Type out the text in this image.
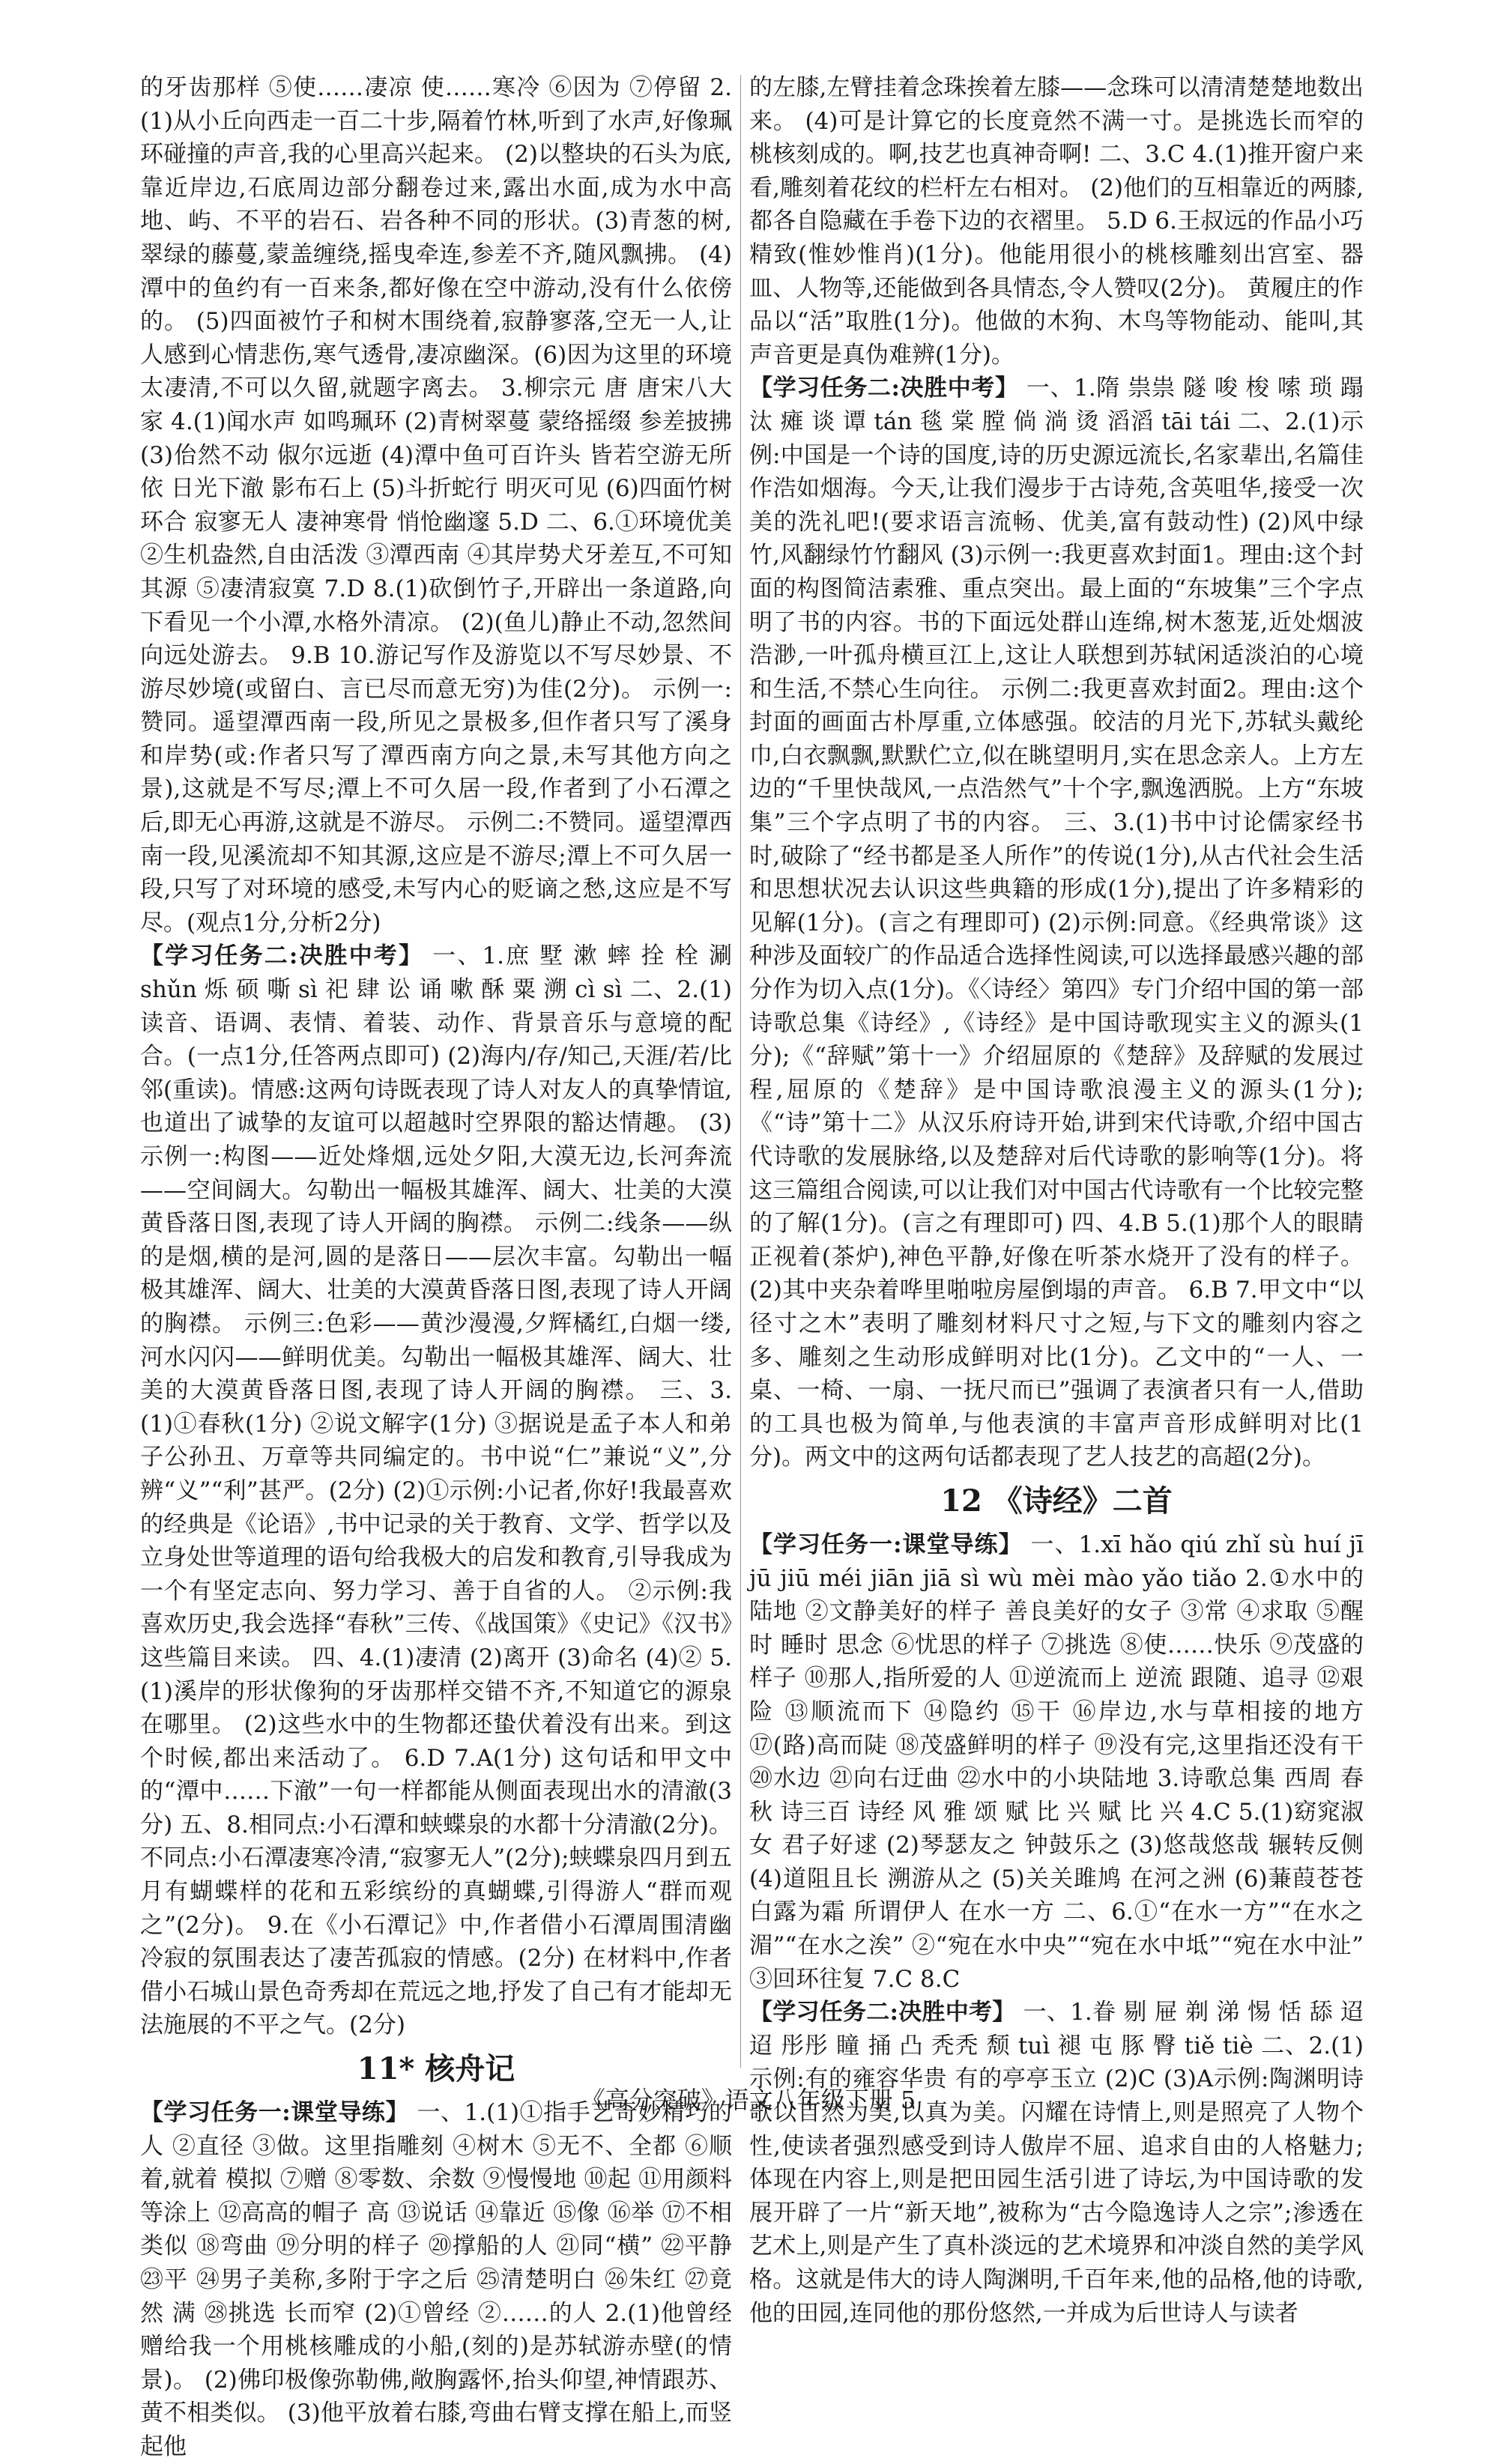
的牙齿那样 ⑤使……凄凉 使……寒冷 ⑥因为 ⑦停留 2.(1)从小丘向西走一百二十步,隔着竹林,听到了水声,好像珮环碰撞的声音,我的心里高兴起来。 (2)以整块的石头为底,靠近岸边,石底周边部分翻卷过来,露出水面,成为水中高地、屿、不平的岩石、岩各种不同的形状。(3)青葱的树,翠绿的藤蔓,蒙盖缠绕,摇曳牵连,参差不齐,随风飘拂。 (4)潭中的鱼约有一百来条,都好像在空中游动,没有什么依傍的。 (5)四面被竹子和树木围绕着,寂静寥落,空无一人,让人感到心情悲伤,寒气透骨,凄凉幽深。(6)因为这里的环境太凄清,不可以久留,就题字离去。 3.柳宗元 唐 唐宋八大家 4.(1)闻水声 如鸣珮环 (2)青树翠蔓 蒙络摇缀 参差披拂 (3)佁然不动 俶尔远逝 (4)潭中鱼可百许头 皆若空游无所依 日光下澈 影布石上 (5)斗折蛇行 明灭可见 (6)四面竹树环合 寂寥无人 凄神寒骨 悄怆幽邃 5.D 二、6.①环境优美 ②生机盎然,自由活泼 ③潭西南 ④其岸势犬牙差互,不可知其源 ⑤凄清寂寞 7.D 8.(1)砍倒竹子,开辟出一条道路,向下看见一个小潭,水格外清凉。 (2)(鱼儿)静止不动,忽然间向远处游去。 9.B 10.游记写作及游览以不写尽妙景、不游尽妙境(或留白、言已尽而意无穷)为佳(2分)。 示例一:赞同。遥望潭西南一段,所见之景极多,但作者只写了溪身和岸势(或:作者只写了潭西南方向之景,未写其他方向之景),这就是不写尽;潭上不可久居一段,作者到了小石潭之后,即无心再游,这就是不游尽。 示例二:不赞同。遥望潭西南一段,见溪流却不知其源,这应是不游尽;潭上不可久居一段,只写了对环境的感受,未写内心的贬谪之愁,这应是不写尽。(观点1分,分析2分)

【学习任务二:决胜中考】 一、1.庶 墅 漱 蟀 拴 栓 涮 shǔn 烁 硕 嘶 sì 祀 肆 讼 诵 嗽 酥 粟 溯 cì sì 二、2.(1)读音、语调、表情、着装、动作、背景音乐与意境的配合。(一点1分,任答两点即可) (2)海内/存/知己,天涯/若/比邻(重读)。情感:这两句诗既表现了诗人对友人的真挚情谊,也道出了诚挚的友谊可以超越时空界限的豁达情趣。 (3)示例一:构图——近处烽烟,远处夕阳,大漠无边,长河奔流——空间阔大。勾勒出一幅极其雄浑、阔大、壮美的大漠黄昏落日图,表现了诗人开阔的胸襟。 示例二:线条——纵的是烟,横的是河,圆的是落日——层次丰富。勾勒出一幅极其雄浑、阔大、壮美的大漠黄昏落日图,表现了诗人开阔的胸襟。 示例三:色彩——黄沙漫漫,夕辉橘红,白烟一缕,河水闪闪——鲜明优美。勾勒出一幅极其雄浑、阔大、壮美的大漠黄昏落日图,表现了诗人开阔的胸襟。 三、3.(1)①春秋(1分) ②说文解字(1分) ③据说是孟子本人和弟子公孙丑、万章等共同编定的。书中说“仁”兼说“义”,分辨“义”“利”甚严。(2分) (2)①示例:小记者,你好!我最喜欢的经典是《论语》,书中记录的关于教育、文学、哲学以及立身处世等道理的语句给我极大的启发和教育,引导我成为一个有坚定志向、努力学习、善于自省的人。 ②示例:我喜欢历史,我会选择“春秋”三传、《战国策》《史记》《汉书》这些篇目来读。 四、4.(1)凄清 (2)离开 (3)命名 (4)② 5.(1)溪岸的形状像狗的牙齿那样交错不齐,不知道它的源泉在哪里。 (2)这些水中的生物都还蛰伏着没有出来。到这个时候,都出来活动了。 6.D 7.A(1分) 这句话和甲文中的“潭中……下澈”一句一样都能从侧面表现出水的清澈(3分) 五、8.相同点:小石潭和蛱蝶泉的水都十分清澈(2分)。不同点:小石潭凄寒冷清,“寂寥无人”(2分);蛱蝶泉四月到五月有蝴蝶样的花和五彩缤纷的真蝴蝶,引得游人“群而观之”(2分)。 9.在《小石潭记》中,作者借小石潭周围清幽冷寂的氛围表达了凄苦孤寂的情感。(2分) 在材料中,作者借小石城山景色奇秀却在荒远之地,抒发了自己有才能却无法施展的不平之气。(2分)

11* 核舟记

【学习任务一:课堂导练】 一、1.(1)①指手艺奇妙精巧的人 ②直径 ③做。这里指雕刻 ④树木 ⑤无不、全都 ⑥顺着,就着 模拟 ⑦赠 ⑧零数、余数 ⑨慢慢地 ⑩起 ⑪用颜料等涂上 ⑫高高的帽子 高 ⑬说话 ⑭靠近 ⑮像 ⑯举 ⑰不相类似 ⑱弯曲 ⑲分明的样子 ⑳撑船的人 ㉑同“横” ㉒平静 ㉓平 ㉔男子美称,多附于字之后 ㉕清楚明白 ㉖朱红 ㉗竟然 满 ㉘挑选 长而窄 (2)①曾经 ②……的人 2.(1)他曾经赠给我一个用桃核雕成的小船,(刻的)是苏轼游赤壁(的情景)。 (2)佛印极像弥勒佛,敞胸露怀,抬头仰望,神情跟苏、黄不相类似。 (3)他平放着右膝,弯曲右臂支撑在船上,而竖起他

的左膝,左臂挂着念珠挨着左膝——念珠可以清清楚楚地数出来。 (4)可是计算它的长度竟然不满一寸。是挑选长而窄的桃核刻成的。啊,技艺也真神奇啊! 二、3.C 4.(1)推开窗户来看,雕刻着花纹的栏杆左右相对。 (2)他们的互相靠近的两膝,都各自隐藏在手卷下边的衣褶里。 5.D 6.王叔远的作品小巧精致(惟妙惟肖)(1分)。他能用很小的桃核雕刻出宫室、器皿、人物等,还能做到各具情态,令人赞叹(2分)。 黄履庄的作品以“活”取胜(1分)。他做的木狗、木鸟等物能动、能叫,其声音更是真伪难辨(1分)。

【学习任务二:决胜中考】 一、1.隋 祟祟 隧 唆 梭 嗦 琐 蹋 汰 瘫 谈 谭 tán 毯 棠 膛 倘 淌 烫 滔滔 tāi tái 二、2.(1)示例:中国是一个诗的国度,诗的历史源远流长,名家辈出,名篇佳作浩如烟海。今天,让我们漫步于古诗苑,含英咀华,接受一次美的洗礼吧!(要求语言流畅、优美,富有鼓动性) (2)风中绿竹,风翻绿竹竹翻风 (3)示例一:我更喜欢封面1。理由:这个封面的构图简洁素雅、重点突出。最上面的“东坡集”三个字点明了书的内容。书的下面远处群山连绵,树木葱茏,近处烟波浩渺,一叶孤舟横亘江上,这让人联想到苏轼闲适淡泊的心境和生活,不禁心生向往。 示例二:我更喜欢封面2。理由:这个封面的画面古朴厚重,立体感强。皎洁的月光下,苏轼头戴纶巾,白衣飘飘,默默伫立,似在眺望明月,实在思念亲人。上方左边的“千里快哉风,一点浩然气”十个字,飘逸洒脱。上方“东坡集”三个字点明了书的内容。 三、3.(1)书中讨论儒家经书时,破除了“经书都是圣人所作”的传说(1分),从古代社会生活和思想状况去认识这些典籍的形成(1分),提出了许多精彩的见解(1分)。(言之有理即可) (2)示例:同意。《经典常谈》这种涉及面较广的作品适合选择性阅读,可以选择最感兴趣的部分作为切入点(1分)。《〈诗经〉第四》专门介绍中国的第一部诗歌总集《诗经》,《诗经》是中国诗歌现实主义的源头(1分);《“辞赋”第十一》介绍屈原的《楚辞》及辞赋的发展过程,屈原的《楚辞》是中国诗歌浪漫主义的源头(1分);《“诗”第十二》从汉乐府诗开始,讲到宋代诗歌,介绍中国古代诗歌的发展脉络,以及楚辞对后代诗歌的影响等(1分)。将这三篇组合阅读,可以让我们对中国古代诗歌有一个比较完整的了解(1分)。(言之有理即可) 四、4.B 5.(1)那个人的眼睛正视着(茶炉),神色平静,好像在听茶水烧开了没有的样子。 (2)其中夹杂着哗里啪啦房屋倒塌的声音。 6.B 7.甲文中“以径寸之木”表明了雕刻材料尺寸之短,与下文的雕刻内容之多、雕刻之生动形成鲜明对比(1分)。乙文中的“一人、一桌、一椅、一扇、一抚尺而已”强调了表演者只有一人,借助的工具也极为简单,与他表演的丰富声音形成鲜明对比(1分)。两文中的这两句话都表现了艺人技艺的高超(2分)。

12 《诗经》二首

【学习任务一:课堂导练】 一、1.xī hǎo qiú zhǐ sù huí jī jū jiū méi jiān jiā sì wù mèi mào yǎo tiǎo 2.①水中的陆地 ②文静美好的样子 善良美好的女子 ③常 ④求取 ⑤醒时 睡时 思念 ⑥忧思的样子 ⑦挑选 ⑧使……快乐 ⑨茂盛的样子 ⑩那人,指所爱的人 ⑪逆流而上 逆流 跟随、追寻 ⑫艰险 ⑬顺流而下 ⑭隐约 ⑮干 ⑯岸边,水与草相接的地方 ⑰(路)高而陡 ⑱茂盛鲜明的样子 ⑲没有完,这里指还没有干 ⑳水边 ㉑向右迂曲 ㉒水中的小块陆地 3.诗歌总集 西周 春秋 诗三百 诗经 风 雅 颂 赋 比 兴 赋 比 兴 4.C 5.(1)窈窕淑女 君子好逑 (2)琴瑟友之 钟鼓乐之 (3)悠哉悠哉 辗转反侧 (4)道阻且长 溯游从之 (5)关关雎鸠 在河之洲 (6)蒹葭苍苍 白露为霜 所谓伊人 在水一方 二、6.①“在水一方”“在水之湄”“在水之涘” ②“宛在水中央”“宛在水中坻”“宛在水中沚” ③回环往复 7.C 8.C

【学习任务二:决胜中考】 一、1.眷 剔 屉 剃 涕 惕 恬 舔 迢迢 彤彤 瞳 捅 凸 秃秃 颓 tuì 褪 屯 豚 臀 tiě tiè 二、2.(1)示例:有的雍容华贵 有的亭亭玉立 (2)C (3)A示例:陶渊明诗歌以自然为美,以真为美。闪耀在诗情上,则是照亮了人物个性,使读者强烈感受到诗人傲岸不屈、追求自由的人格魅力;体现在内容上,则是把田园生活引进了诗坛,为中国诗歌的发展开辟了一片“新天地”,被称为“古今隐逸诗人之宗”;渗透在艺术上,则是产生了真朴淡远的艺术境界和冲淡自然的美学风格。这就是伟大的诗人陶渊明,千百年来,他的品格,他的诗歌,他的田园,连同他的那份悠然,一并成为后世诗人与读者

《高分突破》语文八年级下册 5
